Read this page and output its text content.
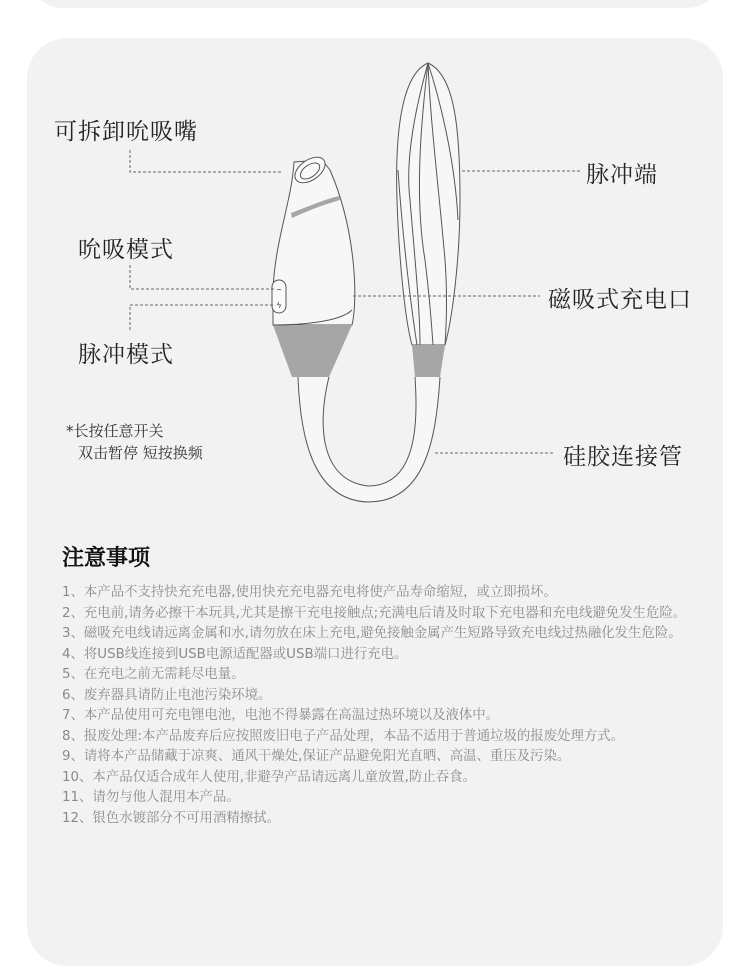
~
ϟ
可拆卸吮吸嘴
吮吸模式
脉冲模式
脉冲端
磁吸式充电口
硅胶连接管
*长按任意开关
双击暂停 短按换频
注意事项

1、本产品不支持快充充电器,使用快充充电器充电将使产品寿命缩短，或立即损坏。

2、充电前,请务必擦干本玩具,尤其是擦干充电接触点;充满电后请及时取下充电器和充电线避免发生危险。

3、磁吸充电线请远离金属和水,请勿放在床上充电,避免接触金属产生短路导致充电线过热融化发生危险。

4、将USB线连接到USB电源适配器或USB端口进行充电。

5、在充电之前无需耗尽电量。

6、废弃器具请防止电池污染环境。

7、本产品使用可充电锂电池，电池不得暴露在高温过热环境以及液体中。

8、报废处理:本产品废弃后应按照废旧电子产品处理，本品不适用于普通垃圾的报废处理方式。

9、请将本产品储藏于凉爽、通风干燥处,保证产品避免阳光直晒、高温、重压及污染。

10、本产品仅适合成年人使用,非避孕产品请远离儿童放置,防止吞食。

11、请勿与他人混用本产品。

12、银色水镀部分不可用酒精擦拭。
